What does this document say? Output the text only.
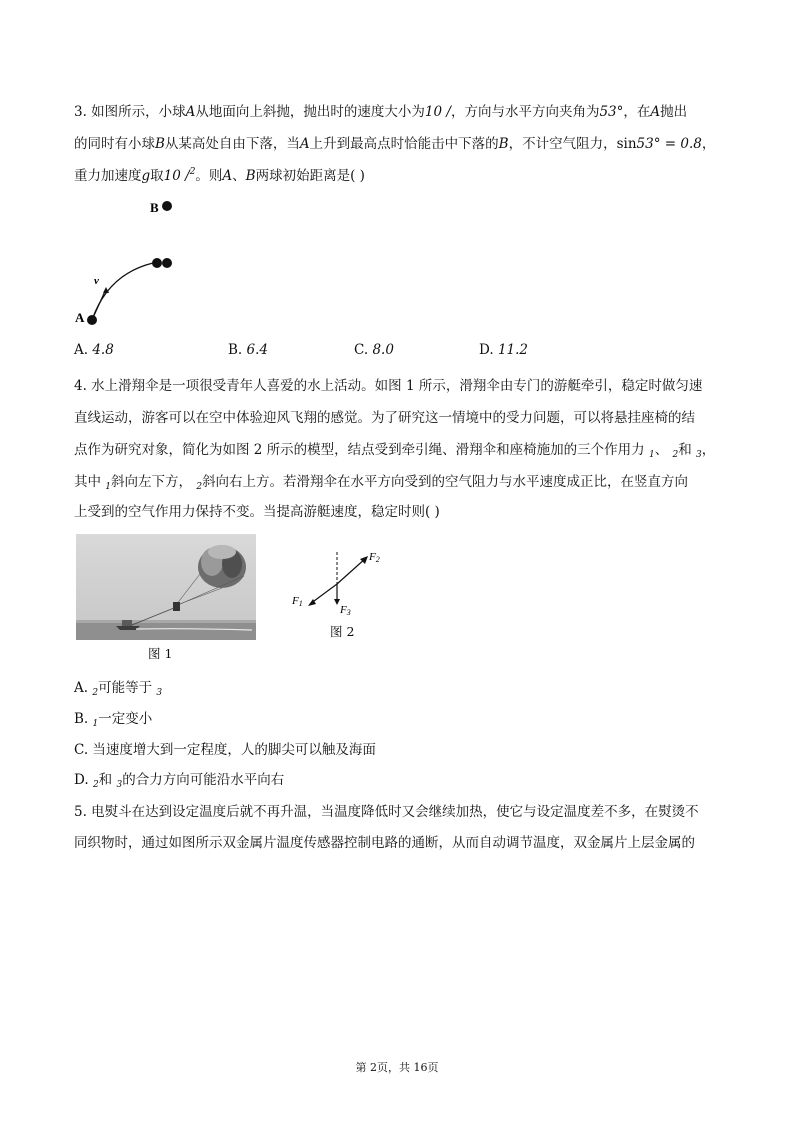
3. 如图所示，小球A从地面向上斜抛，抛出时的速度大小为10 /，方向与水平方向夹角为53°，在A抛出
的同时有小球B从某高处自由下落，当A上升到最高点时恰能击中下落的B，不计空气阻力，sin53° = 0.8，
重力加速度g取10 /$^2$。则A、B两球初始距离是( )
B
v
A
A. 4.8	B. 6.4	C. 8.0	D. 11.2
4. 水上滑翔伞是一项很受青年人喜爱的水上活动。如图 1 所示，滑翔伞由专门的游艇牵引，稳定时做匀速
直线运动，游客可以在空中体验迎风飞翔的感觉。为了研究这一情境中的受力问题，可以将悬挂座椅的结
点作为研究对象，简化为如图 2 所示的模型，结点受到牵引绳、滑翔伞和座椅施加的三个作用力 $_1$、 $_2$和 $_3$，
其中 $_1$斜向左下方， $_2$斜向右上方。若滑翔伞在水平方向受到的空气阻力与水平速度成正比，在竖直方向
上受到的空气作用力保持不变。当提高游艇速度，稳定时则( )
图 1
F2
F1
F3
图 2
A. $_2$可能等于 $_3$
B. $_1$一定变小
C. 当速度增大到一定程度，人的脚尖可以触及海面
D. $_2$和 $_3$的合力方向可能沿水平向右
5. 电熨斗在达到设定温度后就不再升温，当温度降低时又会继续加热，使它与设定温度差不多，在熨烫不
同织物时，通过如图所示双金属片温度传感器控制电路的通断，从而自动调节温度，双金属片上层金属的
第 2页，共 16页
